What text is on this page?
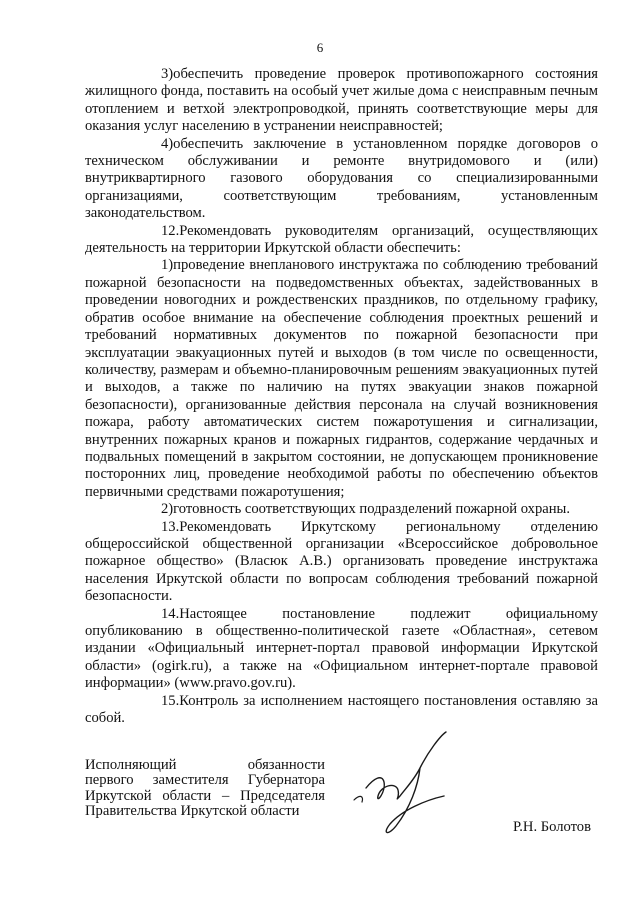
6

3)обеспечить проведение проверок противопожарного состояния жилищного фонда, поставить на особый учет жилые дома с неисправным печным отоплением и ветхой электропроводкой, принять соответствующие меры для оказания услуг населению в устранении неисправностей;

4)обеспечить заключение в установленном порядке договоров о техническом обслуживании и ремонте внутридомового и (или) внутриквартирного газового оборудования со специализированными организациями, соответствующим требованиям, установленным законодательством.

12.Рекомендовать руководителям организаций, осуществляющих деятельность на территории Иркутской области обеспечить:

1)проведение внепланового инструктажа по соблюдению требований пожарной безопасности на подведомственных объектах, задействованных в проведении новогодних и рождественских праздников, по отдельному графику, обратив особое внимание на обеспечение соблюдения проектных решений и требований нормативных документов по пожарной безопасности при эксплуатации эвакуационных путей и выходов (в том числе по освещенности, количеству, размерам и объемно-планировочным решениям эвакуационных путей и выходов, а также по наличию на путях эвакуации знаков пожарной безопасности), организованные действия персонала на случай возникновения пожара, работу автоматических систем пожаротушения и сигнализации, внутренних пожарных кранов и пожарных гидрантов, содержание чердачных и подвальных помещений в закрытом состоянии, не допускающем проникновение посторонних лиц, проведение необходимой работы по обеспечению объектов первичными средствами пожаротушения;

2)готовность соответствующих подразделений пожарной охраны.

13.Рекомендовать Иркутскому региональному отделению общероссийской общественной организации «Всероссийское добровольное пожарное общество» (Власюк А.В.) организовать проведение инструктажа населения Иркутской области по вопросам соблюдения требований пожарной безопасности.

14.Настоящее постановление подлежит официальному опубликованию в общественно-политической газете «Областная», сетевом издании «Официальный интернет-портал правовой информации Иркутской области» (ogirk.ru), а также на «Официальном интернет-портале правовой информации» (www.pravo.gov.ru).

15.Контроль за исполнением настоящего постановления оставляю за собой.

Исполняющий обязанности

первого заместителя Губернатора

Иркутской области – Председателя

Правительства Иркутской области

Р.Н. Болотов
